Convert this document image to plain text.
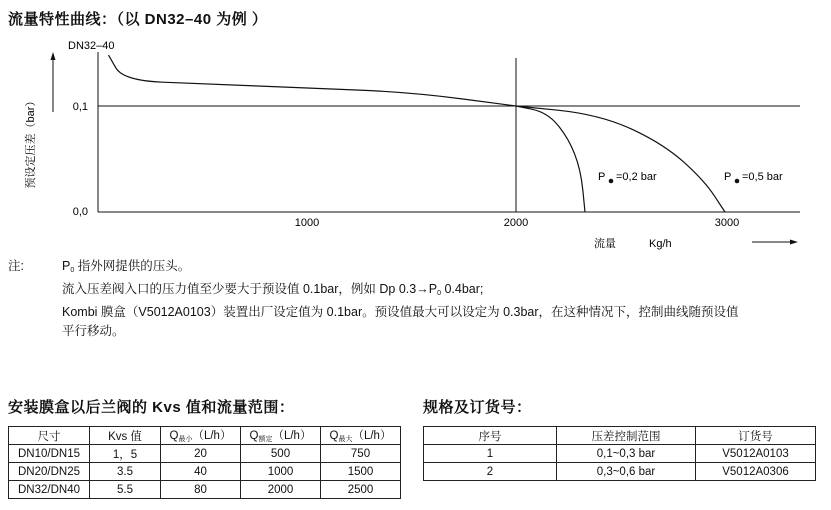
流量特性曲线：（以 DN32–40 为例 ）
DN32–40
预设定压差（bar）	0,1
0,0
1000	2000	3000
流量	Kg/h
P =0,2 bar	P =0,5 bar
注:	$P_0$ 指外网提供的压头。
流入压差阀入口的压力值至少要大于预设值 0.1bar，例如 Dp $0.3\to P_0$ 0.4bar;
Kombi 膜盒（V5012A0103）装置出厂设定值为 0.1bar。预设值最大可以设定为 0.3bar，在这种情况下，控制曲线随预设值
平行移动。
安装膜盒以后兰阀的 Kvs 值和流量范围：
尺寸	Kvs 值	$Q_{最小}(L/h)$	$Q_{额定}(L/h)$	$Q_{最大}(L/h)$
DN10/DN15	1，5	20	500	750
DN20/DN25	3.5	40	1000	1500
DN32/DN40	5.5	80	2000	2500
规格及订货号：
序号	压差控制范围	订货号
1	0,1~0,3 bar	V5012A0103
2	0,3~0,6 bar	V5012A0306
